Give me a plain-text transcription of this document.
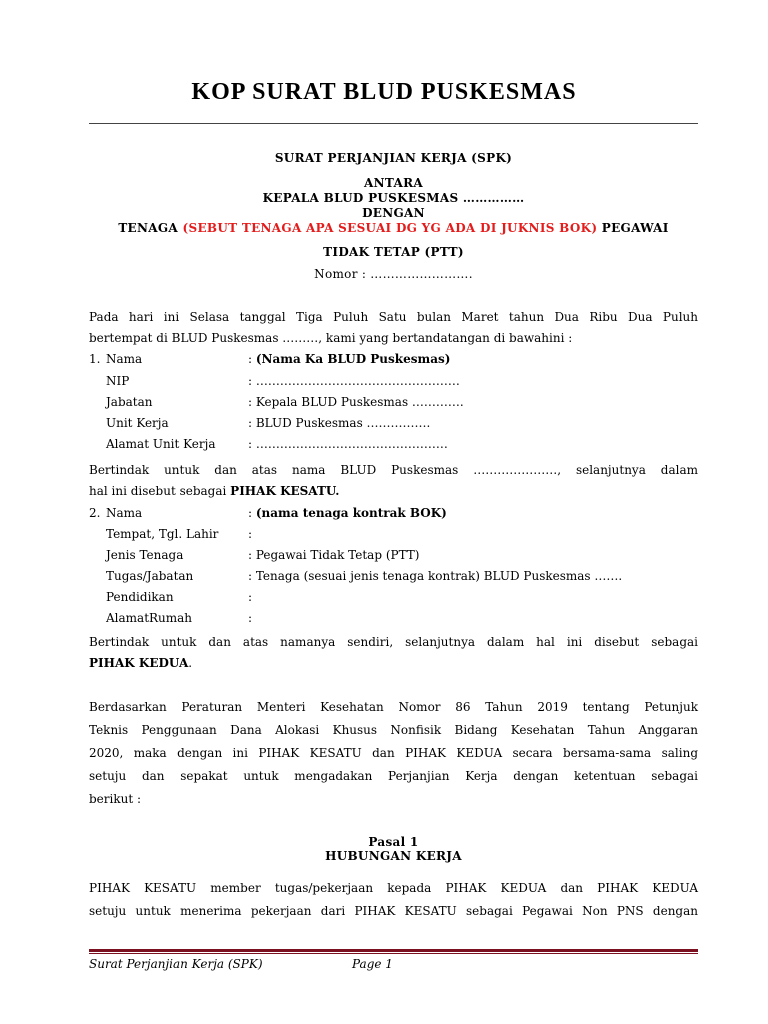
KOP SURAT BLUD PUSKESMAS
SURAT PERJANJIAN KERJA (SPK)
ANTARA
KEPALA BLUD PUSKESMAS ……………
DENGAN
TENAGA (SEBUT TENAGA APA SESUAI DG YG ADA DI JUKNIS BOK) PEGAWAI
TIDAK TETAP (PTT)
Nomor : …………………….
Pada hari ini Selasa tanggal Tiga Puluh Satu bulan Maret tahun Dua Ribu Dua Puluh
bertempat di BLUD Puskesmas ………, kami yang bertandatangan di bawahini :
1. Nama	: (Nama Ka BLUD Puskesmas)
NIP	: ……………………………………………
Jabatan	: Kepala BLUD Puskesmas ………….
Unit Kerja	: BLUD Puskesmas …………….
Alamat Unit Kerja	: …………………………………………
Bertindak untuk dan atas nama BLUD Puskesmas …………………, selanjutnya dalam
hal ini disebut sebagai PIHAK KESATU.
2. Nama	: (nama tenaga kontrak BOK)
Tempat, Tgl. Lahir :
Jenis Tenaga	: Pegawai Tidak Tetap (PTT)
Tugas/Jabatan	: Tenaga (sesuai jenis tenaga kontrak) BLUD Puskesmas …….
Pendidikan	:
AlamatRumah	:
Bertindak untuk dan atas namanya sendiri, selanjutnya dalam hal ini disebut sebagai
PIHAK KEDUA.
Berdasarkan Peraturan Menteri Kesehatan Nomor 86 Tahun 2019 tentang Petunjuk
Teknis Penggunaan Dana Alokasi Khusus Nonfisik Bidang Kesehatan Tahun Anggaran
2020, maka dengan ini PIHAK KESATU dan PIHAK KEDUA secara bersama-sama saling
setuju dan sepakat untuk mengadakan Perjanjian Kerja dengan ketentuan sebagai
berikut :
Pasal 1
HUBUNGAN KERJA
PIHAK KESATU member tugas/pekerjaan kepada PIHAK KEDUA dan PIHAK KEDUA
setuju untuk menerima pekerjaan dari PIHAK KESATU sebagai Pegawai Non PNS dengan
Surat Perjanjian Kerja (SPK)	Page 1
